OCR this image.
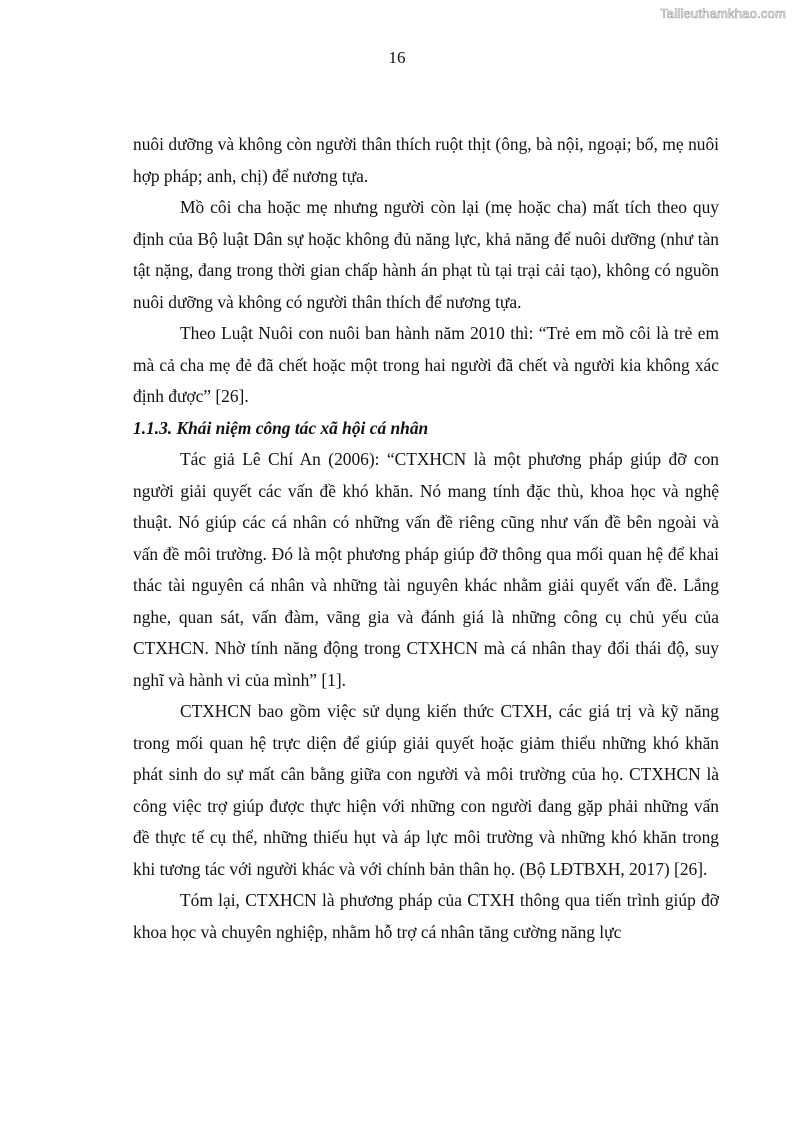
Tailieuthamkhao.com
16

nuôi dưỡng và không còn người thân thích ruột thịt (ông, bà nội, ngoại; bố, mẹ nuôi hợp pháp; anh, chị) để nương tựa.

Mồ côi cha hoặc mẹ nhưng người còn lại (mẹ hoặc cha) mất tích theo quy định của Bộ luật Dân sự hoặc không đủ năng lực, khả năng để nuôi dưỡng (như tàn tật nặng, đang trong thời gian chấp hành án phạt tù tại trại cải tạo), không có nguồn nuôi dưỡng và không có người thân thích để nương tựa.

Theo Luật Nuôi con nuôi ban hành năm 2010 thì: “Trẻ em mồ côi là trẻ em mà cả cha mẹ đẻ đã chết hoặc một trong hai người đã chết và người kia không xác định được” [26].

1.1.3. Khái niệm công tác xã hội cá nhân

Tác giả Lê Chí An (2006): “CTXHCN là một phương pháp giúp đỡ con người giải quyết các vấn đề khó khăn. Nó mang tính đặc thù, khoa học và nghệ thuật. Nó giúp các cá nhân có những vấn đề riêng cũng như vấn đề bên ngoài và vấn đề môi trường. Đó là một phương pháp giúp đỡ thông qua mối quan hệ để khai thác tài nguyên cá nhân và những tài nguyên khác nhằm giải quyết vấn đề. Lắng nghe, quan sát, vấn đàm, vãng gia và đánh giá là những công cụ chủ yếu của CTXHCN. Nhờ tính năng động trong CTXHCN mà cá nhân thay đổi thái độ, suy nghĩ và hành vi của mình” [1].

CTXHCN bao gồm việc sử dụng kiến thức CTXH, các giá trị và kỹ năng trong mối quan hệ trực diện để giúp giải quyết hoặc giảm thiểu những khó khăn phát sinh do sự mất cân bằng giữa con người và môi trường của họ. CTXHCN là công việc trợ giúp được thực hiện với những con người đang gặp phải những vấn đề thực tế cụ thể, những thiếu hụt và áp lực môi trường và những khó khăn trong khi tương tác với người khác và với chính bản thân họ. (Bộ LĐTBXH, 2017) [26].

Tóm lại, CTXHCN là phương pháp của CTXH thông qua tiến trình giúp đỡ khoa học và chuyên nghiệp, nhằm hỗ trợ cá nhân tăng cường năng lực
